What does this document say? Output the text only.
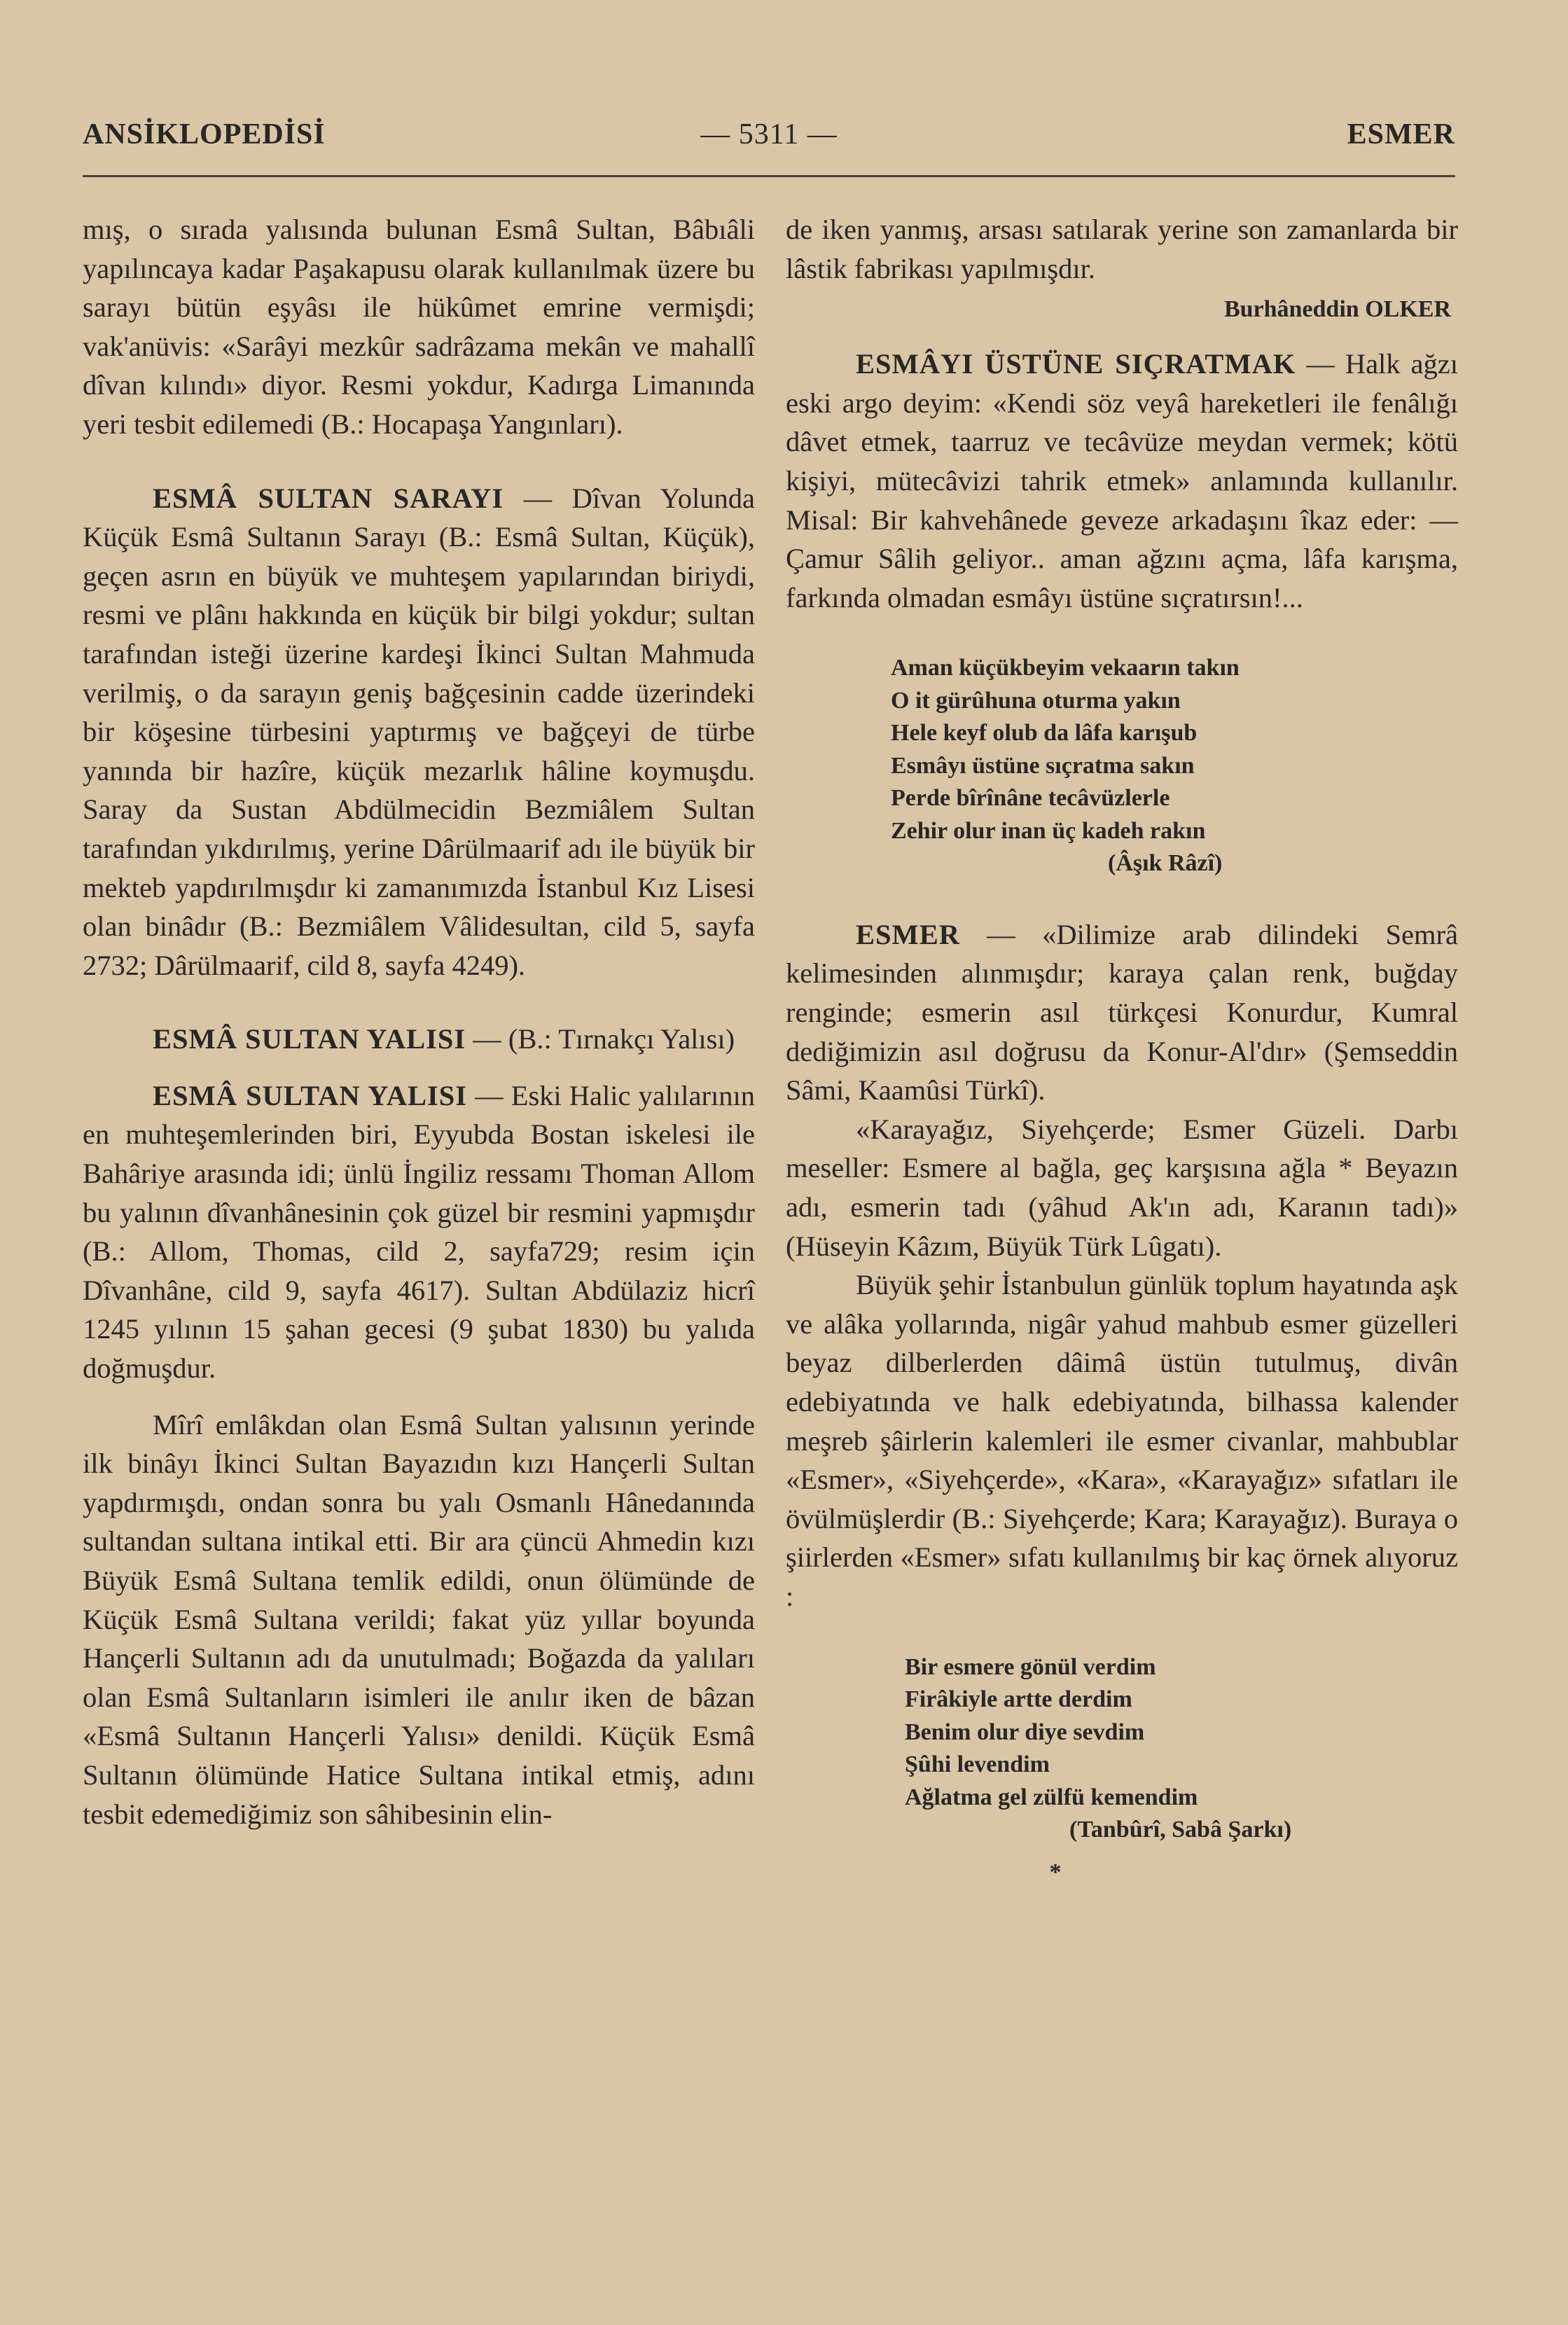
ANSİKLOPEDİSİ	— 5311 —	ESMER

mış, o sırada yalısında bulunan Esmâ Sultan, Bâbıâli yapılıncaya kadar Paşakapusu olarak kullanılmak üzere bu sarayı bütün eşyâsı ile hükûmet emrine vermişdi; vak'anüvis: «Sarâyi mezkûr sadrâzama mekân ve mahallî dîvan kılındı» diyor. Resmi yokdur, Kadırga Limanında yeri tesbit edilemedi (B.: Hocapaşa Yangınları).

ESMÂ SULTAN SARAYI — Dîvan Yolunda Küçük Esmâ Sultanın Sarayı (B.: Esmâ Sultan, Küçük), geçen asrın en büyük ve muhteşem yapılarından biriydi, resmi ve plânı hakkında en küçük bir bilgi yokdur; sultan tarafından isteği üzerine kardeşi İkinci Sultan Mahmuda verilmiş, o da sarayın geniş bağçesinin cadde üzerindeki bir köşesine türbesini yaptırmış ve bağçeyi de türbe yanında bir hazîre, küçük mezarlık hâline koymuşdu. Saray da Sustan Abdülmecidin Bezmiâlem Sultan tarafından yıkdırılmış, yerine Dârülmaarif adı ile büyük bir mekteb yapdırılmışdır ki zamanımızda İstanbul Kız Lisesi olan binâdır (B.: Bezmiâlem Vâlidesultan, cild 5, sayfa 2732; Dârülmaarif, cild 8, sayfa 4249).

ESMÂ SULTAN YALISI — (B.: Tırnakçı Yalısı)

ESMÂ SULTAN YALISI — Eski Halic yalılarının en muhteşemlerinden biri, Eyyubda Bostan iskelesi ile Bahâriye arasında idi; ünlü İngiliz ressamı Thoman Allom bu yalının dîvanhânesinin çok güzel bir resmini yapmışdır (B.: Allom, Thomas, cild 2, sayfa729; resim için Dîvanhâne, cild 9, sayfa 4617). Sultan Abdülaziz hicrî 1245 yılının 15 şahan gecesi (9 şubat 1830) bu yalıda doğmuşdur.

Mîrî emlâkdan olan Esmâ Sultan yalısının yerinde ilk binâyı İkinci Sultan Bayazıdın kızı Hançerli Sultan yapdırmışdı, ondan sonra bu yalı Osmanlı Hânedanında sultandan sultana intikal etti. Bir ara çüncü Ahmedin kızı Büyük Esmâ Sultana temlik edildi, onun ölümünde de Küçük Esmâ Sultana verildi; fakat yüz yıllar boyunda Hançerli Sultanın adı da unutulmadı; Boğazda da yalıları olan Esmâ Sultanların isimleri ile anılır iken de bâzan «Esmâ Sultanın Hançerli Yalısı» denildi. Küçük Esmâ Sultanın ölümünde Hatice Sultana intikal etmiş, adını tesbit edemediğimiz son sâhibesinin elin-

de iken yanmış, arsası satılarak yerine son zamanlarda bir lâstik fabrikası yapılmışdır.

Burhâneddin OLKER

ESMÂYI ÜSTÜNE SIÇRATMAK — Halk ağzı eski argo deyim: «Kendi söz veyâ hareketleri ile fenâlığı dâvet etmek, taarruz ve tecâvüze meydan vermek; kötü kişiyi, mütecâvizi tahrik etmek» anlamında kullanılır. Misal: Bir kahvehânede geveze arkadaşını îkaz eder: — Çamur Sâlih geliyor.. aman ağzını açma, lâfa karışma, farkında olmadan esmâyı üstüne sıçratırsın!...

Aman küçükbeyim vekaarın takın
O it gürûhuna oturma yakın
Hele keyf olub da lâfa karışub
Esmâyı üstüne sıçratma sakın
Perde bîrînâne tecâvüzlerle
Zehir olur inan üç kadeh rakın
(Âşık Râzî)

ESMER — «Dilimize arab dilindeki Semrâ kelimesinden alınmışdır; karaya çalan renk, buğday renginde; esmerin asıl türkçesi Konurdur, Kumral dediğimizin asıl doğrusu da Konur-Al'dır» (Şemseddin Sâmi, Kaamûsi Türkî).

«Karayağız, Siyehçerde; Esmer Güzeli. Darbı meseller: Esmere al bağla, geç karşısına ağla * Beyazın adı, esmerin tadı (yâhud Ak'ın adı, Karanın tadı)» (Hüseyin Kâzım, Büyük Türk Lûgatı).

Büyük şehir İstanbulun günlük toplum hayatında aşk ve alâka yollarında, nigâr yahud mahbub esmer güzelleri beyaz dilberlerden dâimâ üstün tutulmuş, divân edebiyatında ve halk edebiyatında, bilhassa kalender meşreb şâirlerin kalemleri ile esmer civanlar, mahbublar «Esmer», «Siyehçerde», «Kara», «Karayağız» sıfatları ile övülmüşlerdir (B.: Siyehçerde; Kara; Karayağız). Buraya o şiirlerden «Esmer» sıfatı kullanılmış bir kaç örnek alıyoruz :

Bir esmere gönül verdim
Firâkiyle artte derdim
Benim olur diye sevdim
Şûhi levendim
Ağlatma gel zülfü kemendim
(Tanbûrî, Sabâ Şarkı)
*
